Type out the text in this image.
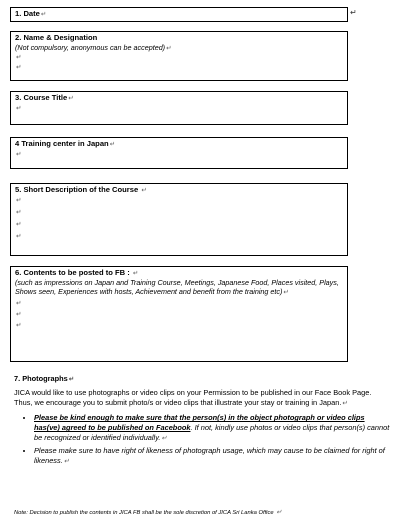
1. Date↵	↵
2. Name & Designation
(Not compulsory, anonymous can be accepted)↵
↵
↵
3. Course Title↵
↵
4 Training center in Japan↵
↵
5. Short Description of the Course ↵
↵
↵
↵
↵
6. Contents to be posted to FB : ↵
(such as impressions on Japan and Training Course, Meetings, Japanese Food, Places visited, Plays, Shows seen, Experiences with hosts, Achievement and benefit from the training etc)↵
↵
↵
↵
7. Photographs↵

JICA would like to use photographs or video clips on your Permission to be published in our Face Book Page. Thus, we encourage you to submit photo/s or video clips that illustrate your stay or training in Japan.↵

• Please be kind enough to make sure that the person(s) in the object photograph or video clips has(ve) agreed to be published on Facebook. If not, kindly use photos or video clips that person(s) cannot be recognized or identified individually.↵
• Please make sure to have right of likeness of photograph usage, which may cause to be claimed for right of likeness.↵
Note: Decision to publish the contents in JICA FB shall be the sole discretion of JICA Sri Lanka Office ↵
